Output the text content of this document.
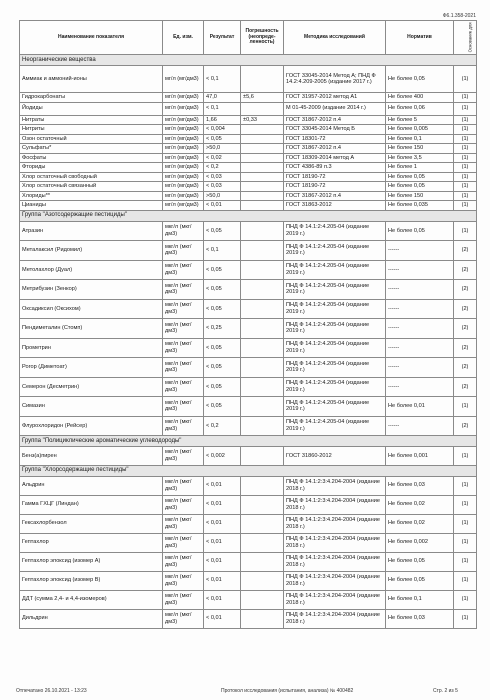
Ф6.1.358-2021
Наименование показателя	Ед. изм.	Результат	Погрешность (неопреде-ленность)	Методика исследований	Норматив	Основание для
Неорганические вещества						
Аммиак и аммоний-ионы	мг/л (мг/дм3)	< 0,1		ГОСТ 33045-2014 Метод А; ПНД Ф 14.2:4.209-2005 (издание 2017 г.)	Не более 0,05	(1)
Гидрокарбонаты	мг/л (мг/дм3)	47,0	±5,6	ГОСТ 31957-2012 метод А1	Не более 400	(1)
Йодиды	мг/л (мг/дм3)	< 0,1		М 01-45-2009 (издание 2014 г.)	Не более 0,06	(1)
Нитраты	мг/л (мг/дм3)	1,66	±0,33	ГОСТ 31867-2012 п.4	Не более 5	(1)
Нитриты	мг/л (мг/дм3)	< 0,004		ГОСТ 33045-2014 Метод Б	Не более 0,005	(1)
Озон остаточный	мг/л (мг/дм3)	< 0,05		ГОСТ 18301-72	Не более 0,1	(1)
Сульфаты*	мг/л (мг/дм3)	>50,0		ГОСТ 31867-2012 п.4	Не более 150	(1)
Фосфаты	мг/л (мг/дм3)	< 0,02		ГОСТ 18309-2014 метод А	Не более 3,5	(1)
Фториды	мг/л (мг/дм3)	< 0,2		ГОСТ 4386-89 п.3	Не более 1	(1)
Хлор остаточный свободный	мг/л (мг/дм3)	< 0,03		ГОСТ 18190-72	Не более 0,05	(1)
Хлор остаточный связанный	мг/л (мг/дм3)	< 0,03		ГОСТ 18190-72	Не более 0,05	(1)
Хлориды**	мг/л (мг/дм3)	>50,0		ГОСТ 31867-2012 п.4	Не более 150	(1)
Цианиды	мг/л (мг/дм3)	< 0,01		ГОСТ 31863-2012	Не более 0,035	(1)
Группа "Азотсодержащие пестициды"						
Атразин	мкг/л (мкг/дм3)	< 0,05		ПНД Ф 14.1:2:4.205-04 (издание 2019 г.)	Не более 0,05	(1)
Металаксил (Ридомил)	мкг/л (мкг/дм3)	< 0,1		ПНД Ф 14.1:2:4.205-04 (издание 2019 г.)	------	(2)
Метолахлор (Дуал)	мкг/л (мкг/дм3)	< 0,05		ПНД Ф 14.1:2:4.205-04 (издание 2019 г.)	------	(2)
Метрибузин (Зенкор)	мкг/л (мкг/дм3)	< 0,05		ПНД Ф 14.1:2:4.205-04 (издание 2019 г.)	------	(2)
Оксадиксил (Оксихом)	мкг/л (мкг/дм3)	< 0,05		ПНД Ф 14.1:2:4.205-04 (издание 2019 г.)	------	(2)
Пендиметалин (Стомп)	мкг/л (мкг/дм3)	< 0,25		ПНД Ф 14.1:2:4.205-04 (издание 2019 г.)	------	(2)
Прометрин	мкг/л (мкг/дм3)	< 0,05		ПНД Ф 14.1:2:4.205-04 (издание 2019 г.)	------	(2)
Рогор (Диметоат)	мкг/л (мкг/дм3)	< 0,05		ПНД Ф 14.1:2:4.205-04 (издание 2019 г.)	------	(2)
Семерон (Десметрин)	мкг/л (мкг/дм3)	< 0,05		ПНД Ф 14.1:2:4.205-04 (издание 2019 г.)	------	(2)
Симазин	мкг/л (мкг/дм3)	< 0,05		ПНД Ф 14.1:2:4.205-04 (издание 2019 г.)	Не более 0,01	(1)
Флурохлоридон (Рейсер)	мкг/л (мкг/дм3)	< 0,2		ПНД Ф 14.1:2:4.205-04 (издание 2019 г.)	------	(2)
Группа "Полициклические ароматические углеводороды"						
Бенз(а)пирен	мкг/л (мкг/дм3)	< 0,002		ГОСТ 31860-2012	Не более 0,001	(1)
Группа "Хлорсодержащие пестициды"						
Альдрин	мкг/л (мкг/дм3)	< 0,01		ПНД Ф 14.1:2:3:4.204-2004 (издание 2018 г.)	Не более 0,03	(1)
Гамма ГХЦГ (Линдан)	мкг/л (мкг/дм3)	< 0,01		ПНД Ф 14.1:2:3:4.204-2004 (издание 2018 г.)	Не более 0,02	(1)
Гексахлорбензол	мкг/л (мкг/дм3)	< 0,01		ПНД Ф 14.1:2:3:4.204-2004 (издание 2018 г.)	Не более 0,02	(1)
Гептахлор	мкг/л (мкг/дм3)	< 0,01		ПНД Ф 14.1:2:3:4.204-2004 (издание 2018 г.)	Не более 0,002	(1)
Гептахлор эпоксид (изомер А)	мкг/л (мкг/дм3)	< 0,01		ПНД Ф 14.1:2:3:4.204-2004 (издание 2018 г.)	Не более 0,05	(1)
Гептахлор эпоксид (изомер В)	мкг/л (мкг/дм3)	< 0,01		ПНД Ф 14.1:2:3:4.204-2004 (издание 2018 г.)	Не более 0,05	(1)
ДДТ (сумма 2,4- и 4,4-изомеров)	мкг/л (мкг/дм3)	< 0,01		ПНД Ф 14.1:2:3:4.204-2004 (издание 2018 г.)	Не более 0,1	(1)
Дильдрин	мкг/л (мкг/дм3)	< 0,01		ПНД Ф 14.1:2:3:4.204-2004 (издание 2018 г.)	Не более 0,03	(1)
Отпечатано 26.10.2021 - 13:23	Протокол исследования (испытания, анализа) № 400482	Стр. 2 из 5
